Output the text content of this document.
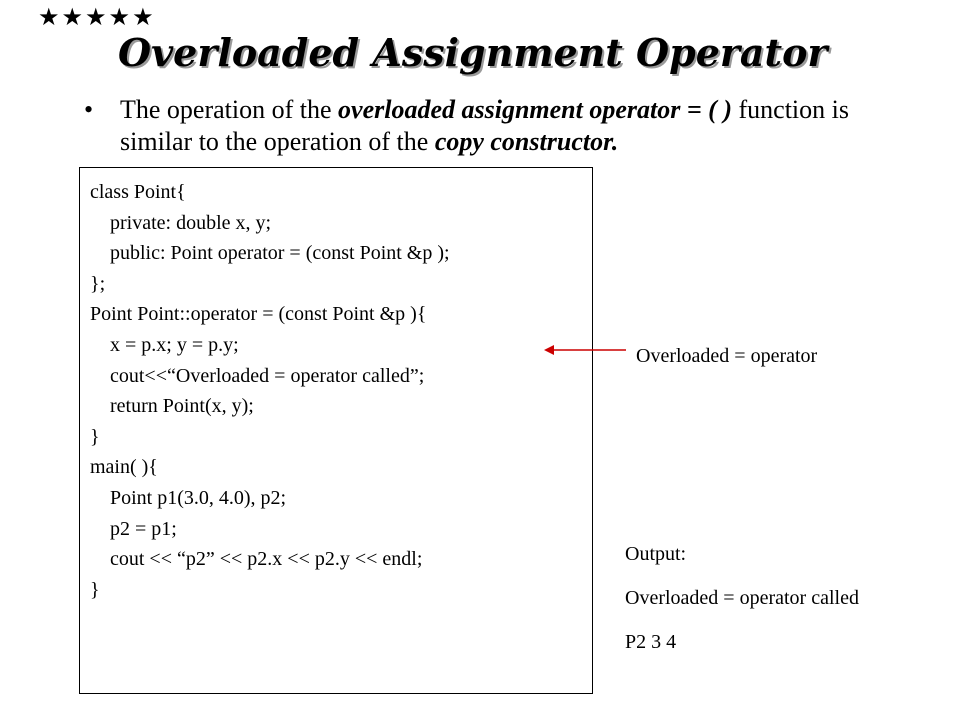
★★★★★
Overloaded Assignment Operator
• The operation of the overloaded assignment operator = ( ) function is similar to the operation of the copy constructor.
class Point{
private: double x, y;
public: Point operator = (const Point &p );
};
Point Point::operator = (const Point &p ){
x = p.x; y = p.y;
cout<<“Overloaded = operator called”;
return Point(x, y);
}
main( ){
Point p1(3.0, 4.0), p2;
p2 = p1;
cout << “p2” << p2.x << p2.y << endl;
}
Overloaded = operator
Output:
Overloaded = operator called
P2 3 4
